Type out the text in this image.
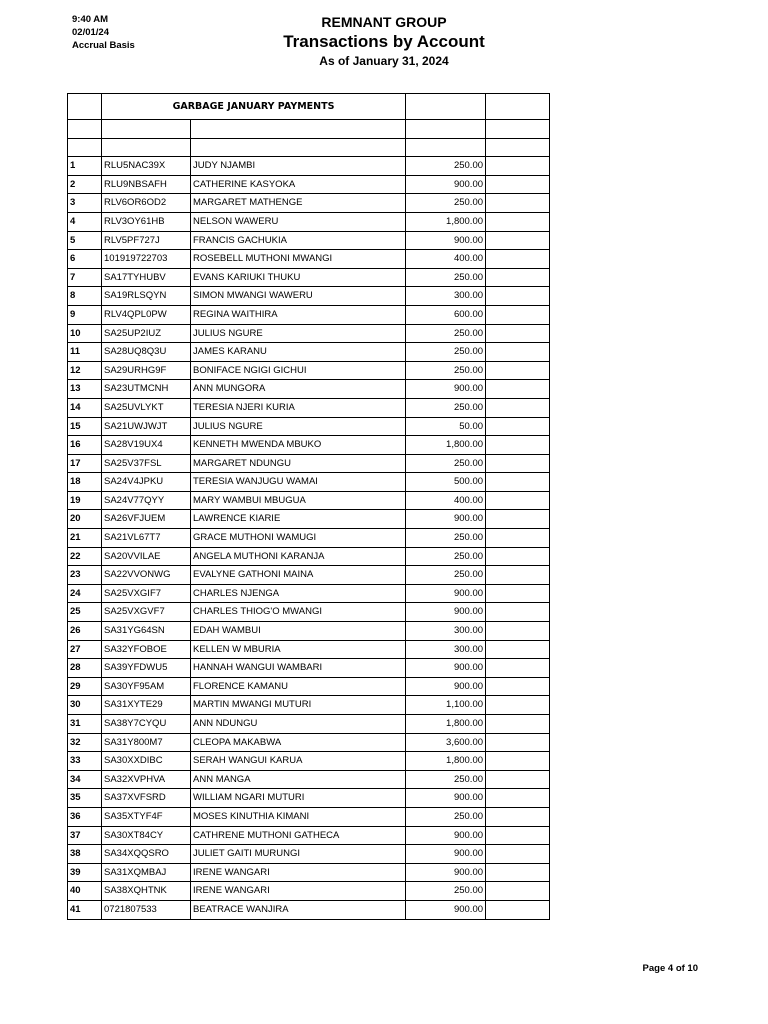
9:40 AM
02/01/24
Accrual Basis
REMNANT GROUP
Transactions by Account
As of January 31, 2024
	GARBAGE JANUARY PAYMENTS			

1	RLU5NAC39X	JUDY NJAMBI	250.00	
2	RLU9NBSAFH	CATHERINE KASYOKA	900.00	
3	RLV6OR6OD2	MARGARET MATHENGE	250.00	
4	RLV3OY61HB	NELSON WAWERU	1,800.00	
5	RLV5PF727J	FRANCIS GACHUKIA	900.00	
6	101919722703	ROSEBELL MUTHONI MWANGI	400.00	
7	SA17TYHUBV	EVANS KARIUKI THUKU	250.00	
8	SA19RLSQYN	SIMON MWANGI WAWERU	300.00	
9	RLV4QPL0PW	REGINA WAITHIRA	600.00	
10	SA25UP2IUZ	JULIUS NGURE	250.00	
11	SA28UQ8Q3U	JAMES KARANU	250.00	
12	SA29URHG9F	BONIFACE NGIGI GICHUI	250.00	
13	SA23UTMCNH	ANN MUNGORA	900.00	
14	SA25UVLYKT	TERESIA NJERI KURIA	250.00	
15	SA21UWJWJT	JULIUS NGURE	50.00	
16	SA28V19UX4	KENNETH MWENDA MBUKO	1,800.00	
17	SA25V37FSL	MARGARET NDUNGU	250.00	
18	SA24V4JPKU	TERESIA WANJUGU WAMAI	500.00	
19	SA24V77QYY	MARY WAMBUI MBUGUA	400.00	
20	SA26VFJUEM	LAWRENCE KIARIE	900.00	
21	SA21VL67T7	GRACE MUTHONI WAMUGI	250.00	
22	SA20VVILAE	ANGELA MUTHONI KARANJA	250.00	
23	SA22VVONWG	EVALYNE GATHONI MAINA	250.00	
24	SA25VXGIF7	CHARLES NJENGA	900.00	
25	SA25VXGVF7	CHARLES THIOG'O MWANGI	900.00	
26	SA31YG64SN	EDAH WAMBUI	300.00	
27	SA32YFOBOE	KELLEN W MBURIA	300.00	
28	SA39YFDWU5	HANNAH WANGUI WAMBARI	900.00	
29	SA30YF95AM	FLORENCE KAMANU	900.00	
30	SA31XYTE29	MARTIN MWANGI MUTURI	1,100.00	
31	SA38Y7CYQU	ANN NDUNGU	1,800.00	
32	SA31Y800M7	CLEOPA MAKABWA	3,600.00	
33	SA30XXDIBC	SERAH WANGUI KARUA	1,800.00	
34	SA32XVPHVA	ANN MANGA	250.00	
35	SA37XVFSRD	WILLIAM NGARI MUTURI	900.00	
36	SA35XTYF4F	MOSES KINUTHIA KIMANI	250.00	
37	SA30XT84CY	CATHRENE MUTHONI GATHECA	900.00	
38	SA34XQQSRO	JULIET GAITI MURUNGI	900.00	
39	SA31XQMBAJ	IRENE WANGARI	900.00	
40	SA38XQHTNK	IRENE WANGARI	250.00	
41	0721807533	BEATRACE WANJIRA	900.00	
Page 4 of 10
